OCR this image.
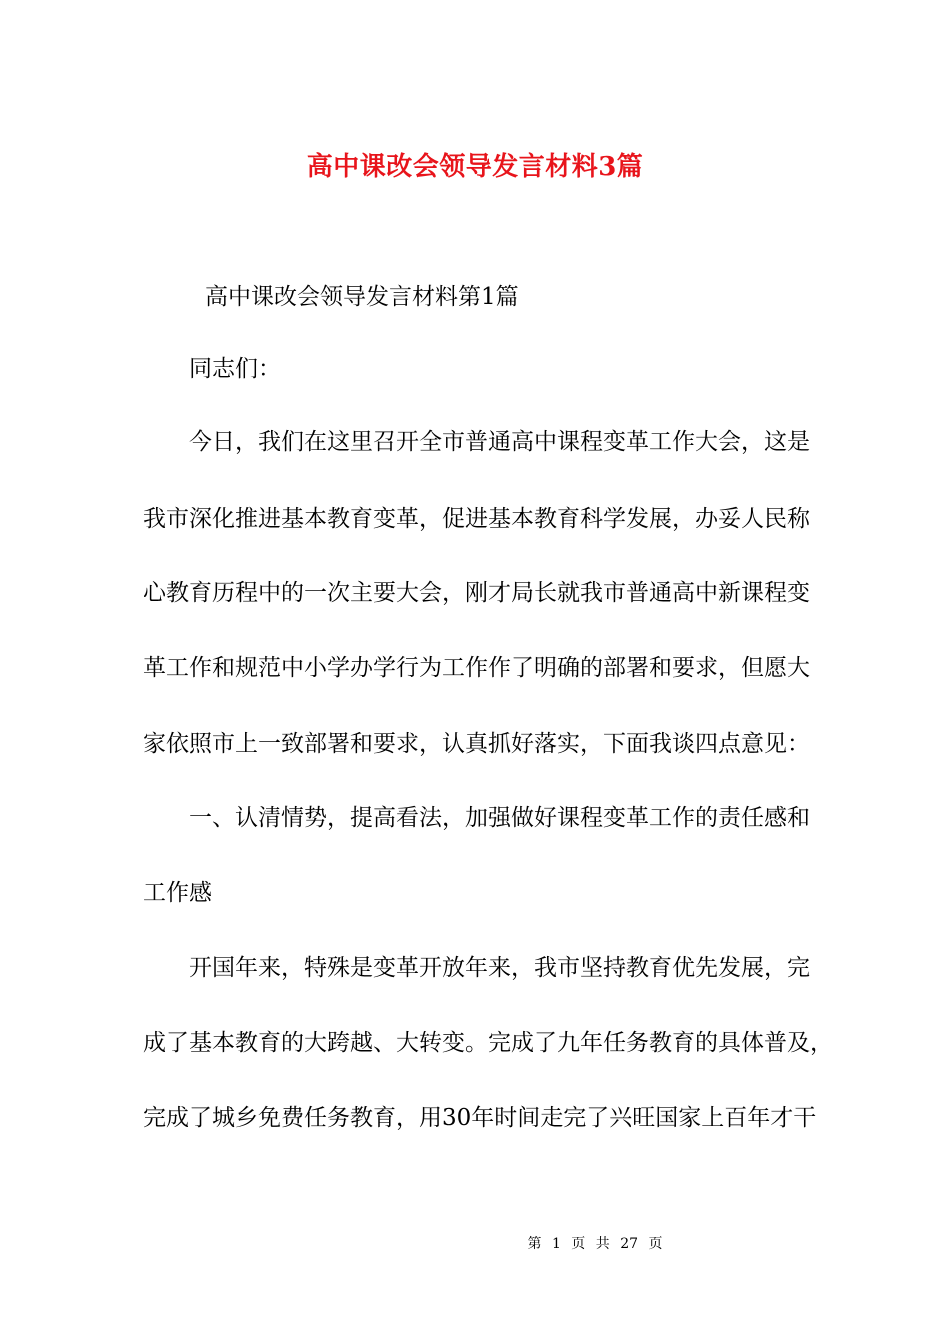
高中课改会领导发言材料3篇

高中课改会领导发言材料第1篇

同志们：

今日，我们在这里召开全市普通高中课程变革工作大会，这是

我市深化推进基本教育变革，促进基本教育科学发展，办妥人民称

心教育历程中的一次主要大会，刚才局长就我市普通高中新课程变

革工作和规范中小学办学行为工作作了明确的部署和要求，但愿大

家依照市上一致部署和要求，认真抓好落实，下面我谈四点意见：

一、认清情势，提高看法，加强做好课程变革工作的责任感和

工作感

开国年来，特殊是变革开放年来，我市坚持教育优先发展，完

成了基本教育的大跨越、大转变。完成了九年任务教育的具体普及，

完成了城乡免费任务教育，用30年时间走完了兴旺国家上百年才干

第 1 页 共 27 页
